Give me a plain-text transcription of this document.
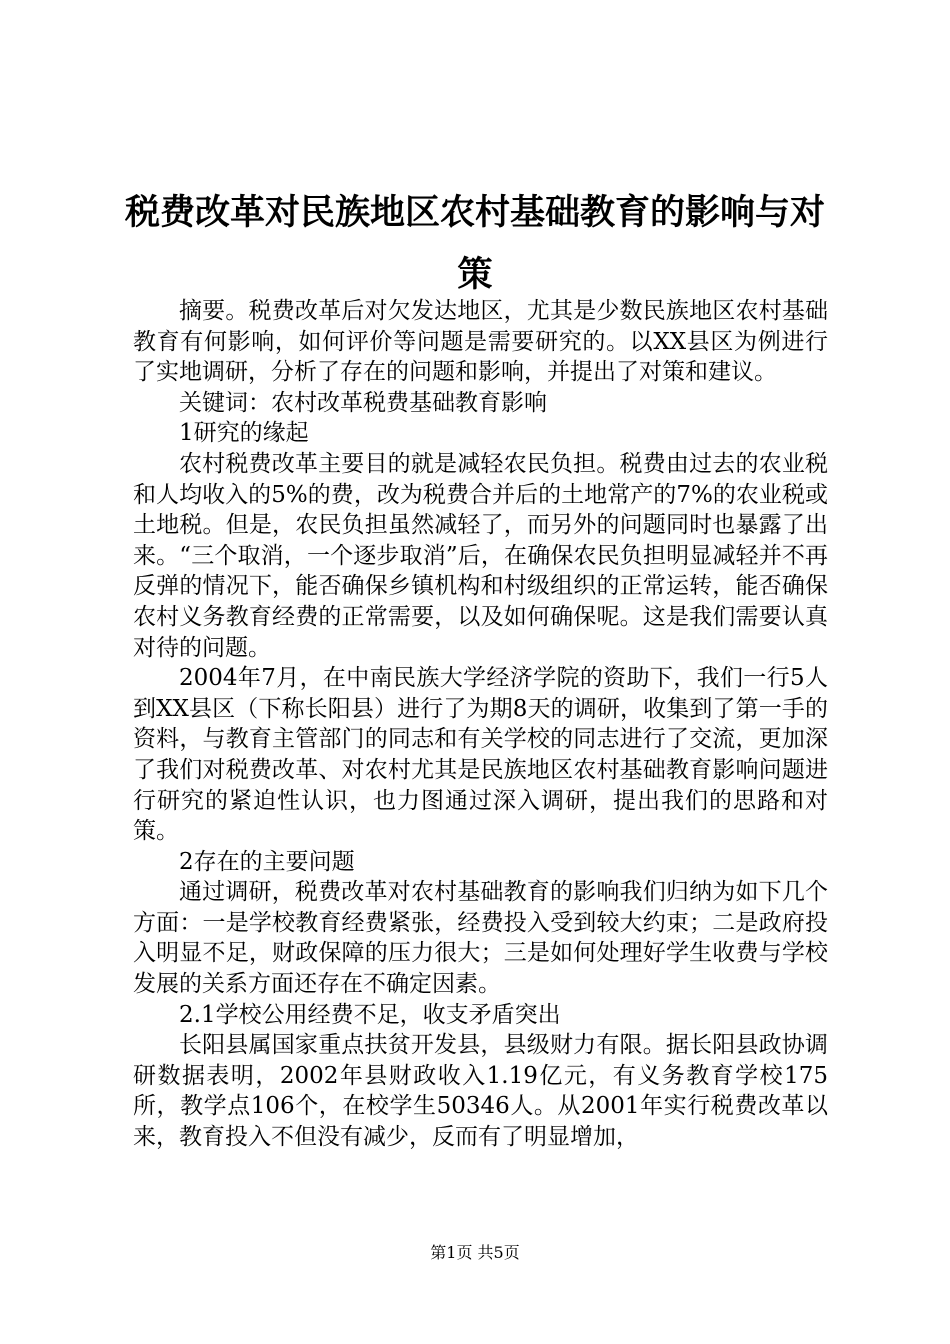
税费改革对民族地区农村基础教育的影响与对策

摘要。税费改革后对欠发达地区，尤其是少数民族地区农村基础教育有何影响，如何评价等问题是需要研究的。以XX县区为例进行了实地调研，分析了存在的问题和影响，并提出了对策和建议。

关键词：农村改革税费基础教育影响

1研究的缘起

农村税费改革主要目的就是减轻农民负担。税费由过去的农业税和人均收入的5%的费，改为税费合并后的土地常产的7%的农业税或土地税。但是，农民负担虽然减轻了，而另外的问题同时也暴露了出来。“三个取消，一个逐步取消”后，在确保农民负担明显减轻并不再反弹的情况下，能否确保乡镇机构和村级组织的正常运转，能否确保农村义务教育经费的正常需要，以及如何确保呢。这是我们需要认真对待的问题。

2004年7月，在中南民族大学经济学院的资助下，我们一行5人到XX县区（下称长阳县）进行了为期8天的调研，收集到了第一手的资料，与教育主管部门的同志和有关学校的同志进行了交流，更加深了我们对税费改革、对农村尤其是民族地区农村基础教育影响问题进行研究的紧迫性认识，也力图通过深入调研，提出我们的思路和对策。

2存在的主要问题

通过调研，税费改革对农村基础教育的影响我们归纳为如下几个方面：一是学校教育经费紧张，经费投入受到较大约束；二是政府投入明显不足，财政保障的压力很大；三是如何处理好学生收费与学校发展的关系方面还存在不确定因素。

2.1学校公用经费不足，收支矛盾突出

长阳县属国家重点扶贫开发县，县级财力有限。据长阳县政协调研数据表明，2002年县财政收入1.19亿元，有义务教育学校175所，教学点106个，在校学生50346人。从2001年实行税费改革以来，教育投入不但没有减少，反而有了明显增加，

第1页 共5页
